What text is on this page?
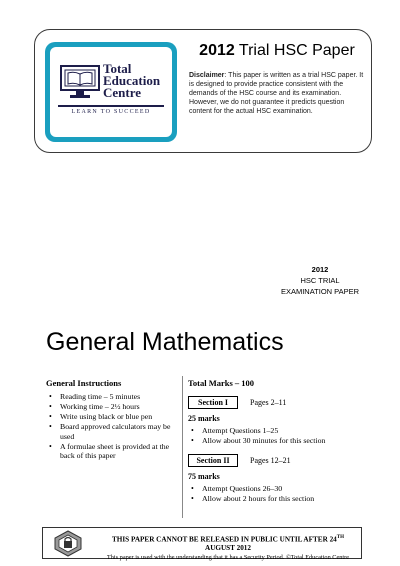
Total
Education
Centre
LEARN TO SUCCEED
2012 Trial HSC Paper
Disclaimer: This paper is written as a trial HSC paper. It is designed to provide practice consistent with the demands of the HSC course and its examination. However, we do not guarantee it predicts question content for the actual HSC examination.
2012
HSC TRIAL
EXAMINATION PAPER
General Mathematics
General Instructions
• Reading time – 5 minutes
• Working time – 2½ hours
• Write using black or blue pen
• Board approved calculators may be used
• A formulae sheet is provided at the back of this paper
Total Marks – 100
Section I	Pages 2–11
25 marks
• Attempt Questions 1–25
• Allow about 30 minutes for this section
Section II	Pages 12–21
75 marks
• Attempt Questions 26–30
• Allow about 2 hours for this section
THIS PAPER CANNOT BE RELEASED IN PUBLIC UNTIL AFTER 24TH AUGUST 2012
This paper is used with the understanding that it has a Security Period. ©Total Education Centre
